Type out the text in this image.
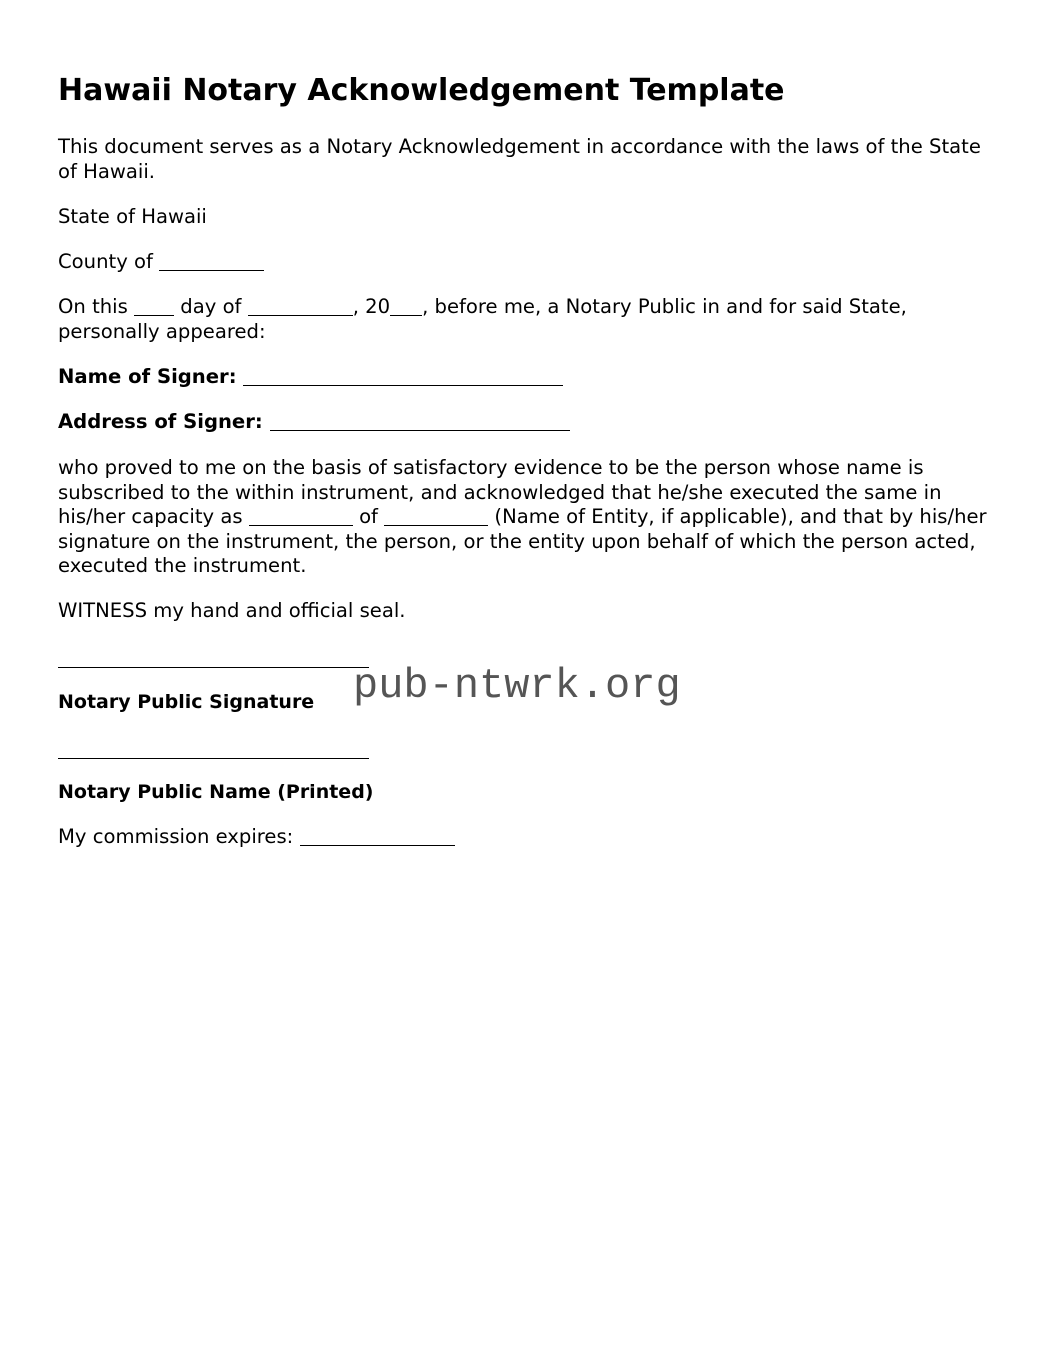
Hawaii Notary Acknowledgement Template

This document serves as a Notary Acknowledgement in accordance with the laws of the State of Hawaii.

State of Hawaii

County of

On this	day of	, 20 , before me, a Notary Public in and for said State, personally appeared:

Name of Signer:

Address of Signer:

who proved to me on the basis of satisfactory evidence to be the person whose name is subscribed to the within instrument, and acknowledged that he/she executed the same in his/her capacity as	of	(Name of Entity, if applicable), and that by his/her signature on the instrument, the person, or the entity upon behalf of which the person acted, executed the instrument.

WITNESS my hand and official seal.

Notary Public Signature

Notary Public Name (Printed)

My commission expires:

pub-ntwrk.org
